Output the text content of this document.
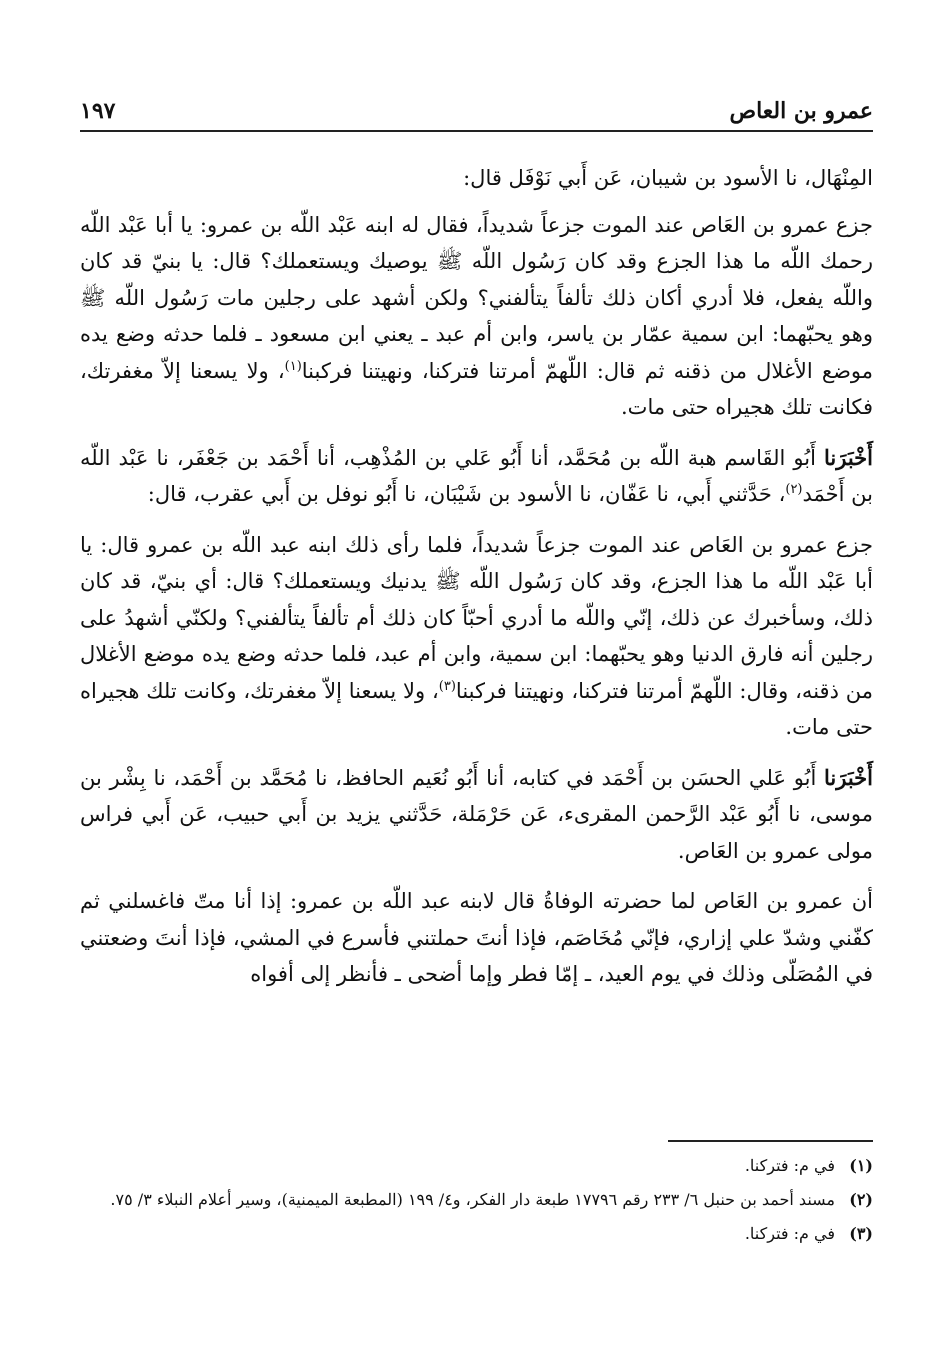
عمرو بن العاص
١٩٧

المِنْهَال، نا الأسود بن شيبان، عَن أَبي نَوْفَل قال:

جزع عمرو بن العَاص عند الموت جزعاً شديداً، فقال له ابنه عَبْد اللّه بن عمرو: يا أبا عَبْد اللّه رحمك اللّه ما هذا الجزع وقد كان رَسُول اللّه ﷺ يوصيك ويستعملك؟ قال: يا بنيّ قد كان واللّه يفعل، فلا أدري أكان ذلك تألفاً يتألفني؟ ولكن أشهد على رجلين مات رَسُول اللّه ﷺ وهو يحبّهما: ابن سمية عمّار بن ياسر، وابن أم عبد ـ يعني ابن مسعود ـ فلما حدثه وضع يده موضع الأغلال من ذقنه ثم قال: اللّهمّ أمرتنا فتركنا، ونهيتنا فركبنا$^{(١)}$، ولا يسعنا إلاّ مغفرتك، فكانت تلك هجيراه حتى مات.

أَخْبَرَنا أَبُو القَاسم هبة اللّه بن مُحَمَّد، أنا أَبُو عَلي بن المُذْهِب، أنا أَحْمَد بن جَعْفَر، نا عَبْد اللّه بن أَحْمَد$^{(٢)}$، حَدَّثني أَبي، نا عَفّان، نا الأسود بن شَيْبَان، نا أَبُو نوفل بن أَبي عقرب، قال:

جزع عمرو بن العَاص عند الموت جزعاً شديداً، فلما رأى ذلك ابنه عبد اللّه بن عمرو قال: يا أبا عَبْد اللّه ما هذا الجزع، وقد كان رَسُول اللّه ﷺ يدنيك ويستعملك؟ قال: أي بنيّ، قد كان ذلك، وسأخبرك عن ذلك، إنّي واللّه ما أدري أحبّاً كان ذلك أم تألفاً يتألفني؟ ولكنّي أشهدُ على رجلين أنه فارق الدنيا وهو يحبّهما: ابن سمية، وابن أم عبد، فلما حدثه وضع يده موضع الأغلال من ذقنه، وقال: اللّهمّ أمرتنا فتركنا، ونهيتنا فركبنا$^{(٣)}$، ولا يسعنا إلاّ مغفرتك، وكانت تلك هجيراه حتى مات.

أَخْبَرَنا أَبُو عَلي الحسَن بن أَحْمَد في كتابه، أنا أَبُو نُعَيم الحافظ، نا مُحَمَّد بن أَحْمَد، نا بِشْر بن موسى، نا أَبُو عَبْد الرَّحمن المقرىء، عَن حَرْمَلة، حَدَّثني يزيد بن أَبي حبيب، عَن أَبي فراس مولى عمرو بن العَاص.

أن عمرو بن العَاص لما حضرته الوفاةُ قال لابنه عبد اللّه بن عمرو: إذا أنا متّ فاغسلني ثم كفّني وشدّ علي إزاري، فإنّي مُخَاصَم، فإذا أنتَ حملتني فأسرع في المشي، فإذا أنتَ وضعتني في المُصَلّى وذلك في يوم العيد، ـ إمّا فطر وإما أضحى ـ فأنظر إلى أفواه

(١)
في م: فتركنا.
(٢)
مسند أحمد بن حنبل ٦/ ٢٣٣ رقم ١٧٧٩٦ طبعة دار الفكر، و٤/ ١٩٩ (المطبعة الميمنية)، وسير أعلام النبلاء ٣/ ٧٥.
(٣)
في م: فتركنا.
